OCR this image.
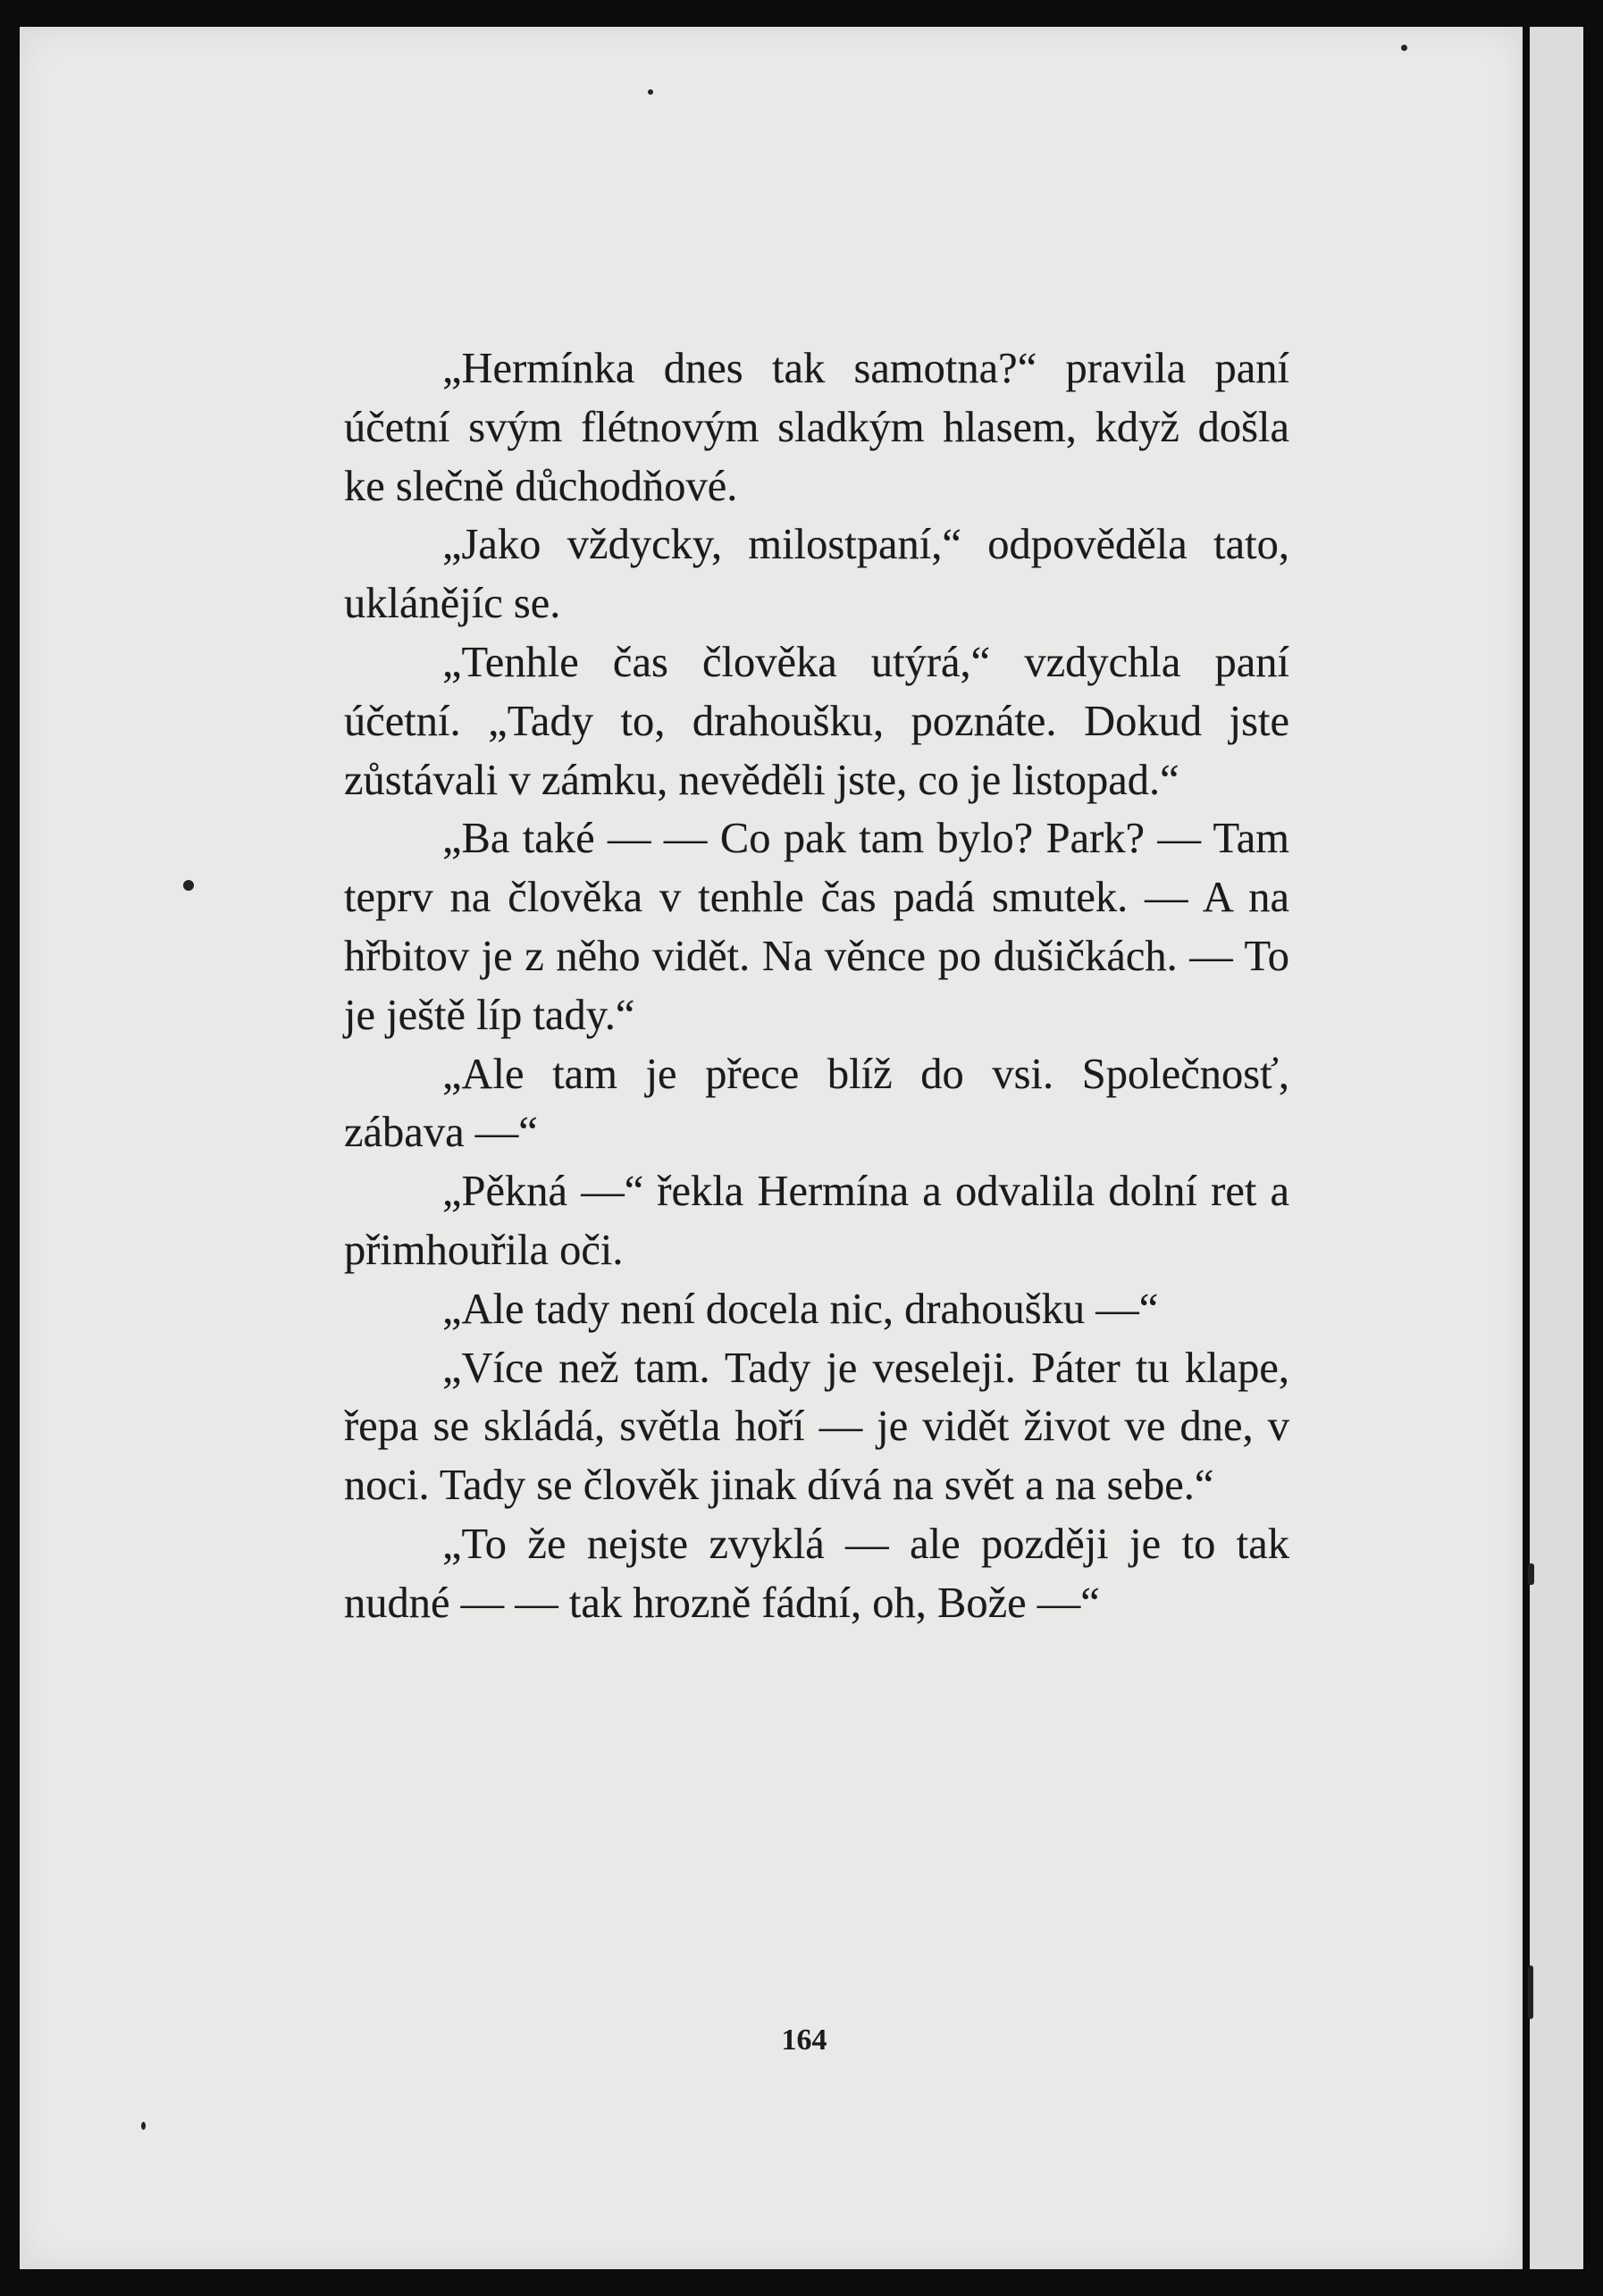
„Hermínka dnes tak samotna?“ pravila paní účetní svým flétnovým sladkým hlasem, když došla ke slečně důchodňové.

„Jako vždycky, milostpaní,“ odpověděla tato, ukláněјíc se.

„Tenhle čas člověka utýrá,“ vzdychla paní účetní. „Tady to, drahoušku, poznáte. Dokud jste zůstávali v zámku, nevěděli jste, co je listopad.“

„Ba také — — Co pak tam bylo? Park? — Tam teprv na člověka v tenhle čas padá smutek. — A na hřbitov je z něho vidět. Na věnce po dušičkách. — To je ještě líp tady.“

„Ale tam je přece blíž do vsi. Společnosť, zábava —“

„Pěkná —“ řekla Hermína a odvalila dolní ret a přimhouřila oči.

„Ale tady není docela nic, drahoušku —“

„Více než tam. Tady je veseleji. Páter tu klape, řepa se skládá, světla hoří — je vidět život ve dne, v noci. Tady se člověk jinak dívá na svět a na sebe.“

„To že nejste zvyklá — ale později je to tak nudné — — tak hrozně fádní, oh, Bože —“

164
